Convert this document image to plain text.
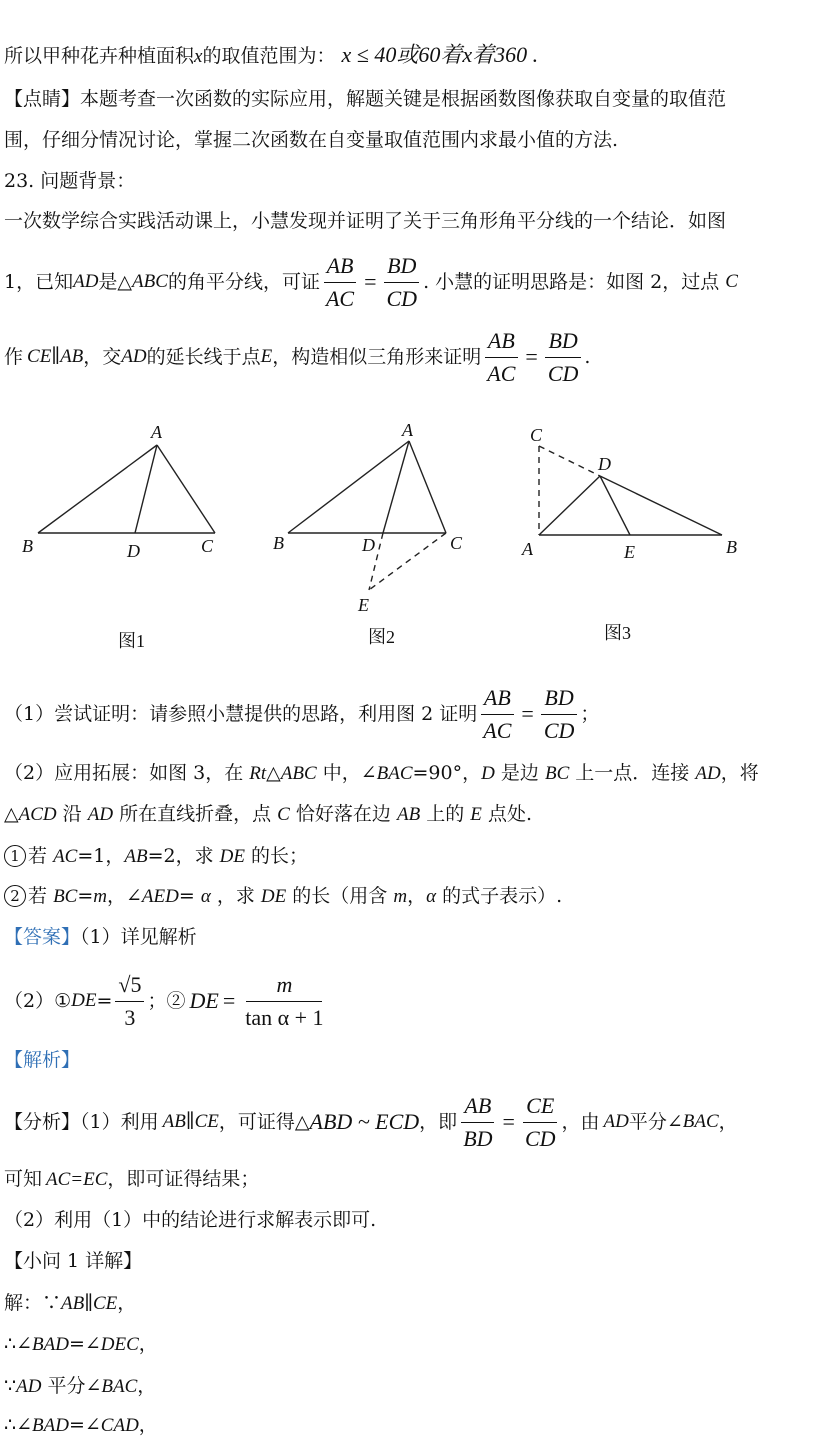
所以甲种花卉种植面积x的取值范围为： x ≤ 40或60着x着360 .
【点睛】本题考查一次函数的实际应用，解题关键是根据函数图像获取自变量的取值范
围，仔细分情况讨论，掌握二次函数在自变量取值范围内求最小值的方法.
23. 问题背景：
一次数学综合实践活动课上，小慧发现并证明了关于三角形角平分线的一个结论．如图
1，已知 AD 是△ ABC 的角平分线，可证 $\frac{AB}{AC} = \frac{BD}{CD}$ . 小慧的证明思路是：如图 2，过点 C
作 CE∥AB ，交 AD 的延长线于点 E ，构造相似三角形来证明 $\frac{AB}{AC} = \frac{BD}{CD}$ .
A
B	D	C
图1
A
B	D	C
E
图2
C
D
A	E	B
图3
（1）尝试证明：请参照小慧提供的思路，利用图 2 证明 $\frac{AB}{AC} = \frac{BD}{CD}$ ；
（2）应用拓展：如图 3，在 Rt△ABC 中，∠BAC=90°，D 是边 BC 上一点．连接 AD，将
△ACD 沿 AD 所在直线折叠，点 C 恰好落在边 AB 上的 E 点处.
1 若 AC=1，AB=2，求 DE 的长；
2 若 BC=m，∠AED= α ，求 DE 的长（用含 m，α 的式子表示）.
【答案】（1）详见解析
（2） ① DE = $\frac{√5}{3}$ ；② DE = $\frac{m}{\text{tan α + 1}}$
【解析】
【分析】（1）利用 AB∥CE ，可证得△ ABD ~ ECD ，即 $\frac{AB}{BD} = \frac{CE}{CD}$ ，由 AD 平分∠ BAC ，
可知 AC=EC，即可证得结果；
（2）利用（1）中的结论进行求解表示即可.
【小问 1 详解】
解：∵AB∥CE，
∴∠BAD=∠DEC，
∵AD 平分∠BAC，
∴∠BAD=∠CAD，
